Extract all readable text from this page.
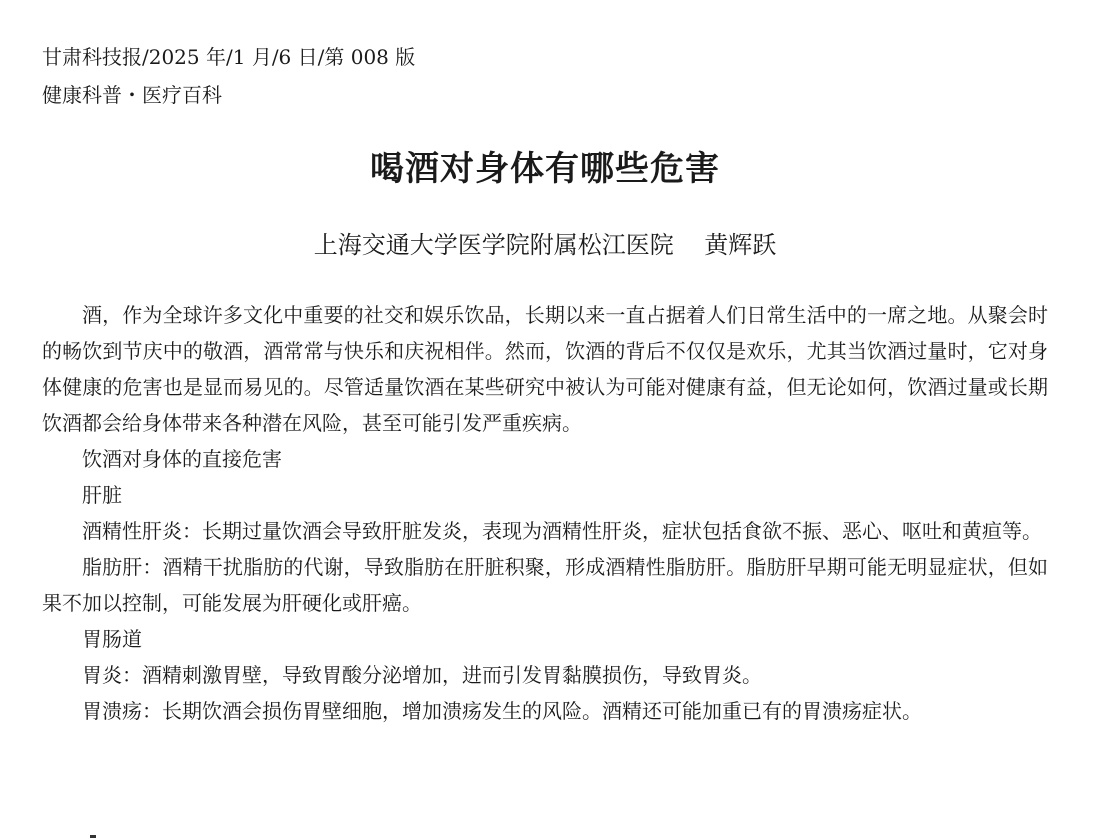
甘肃科技报/2025 年/1 月/6 日/第 008 版
健康科普・医疗百科
喝酒对身体有哪些危害
上海交通大学医学院附属松江医院    黄辉跃

酒，作为全球许多文化中重要的社交和娱乐饮品，长期以来一直占据着人们日常生活中的一席之地。从聚会时的畅饮到节庆中的敬酒，酒常常与快乐和庆祝相伴。然而，饮酒的背后不仅仅是欢乐，尤其当饮酒过量时，它对身体健康的危害也是显而易见的。尽管适量饮酒在某些研究中被认为可能对健康有益，但无论如何，饮酒过量或长期饮酒都会给身体带来各种潜在风险，甚至可能引发严重疾病。

饮酒对身体的直接危害

肝脏

酒精性肝炎：长期过量饮酒会导致肝脏发炎，表现为酒精性肝炎，症状包括食欲不振、恶心、呕吐和黄疸等。

脂肪肝：酒精干扰脂肪的代谢，导致脂肪在肝脏积聚，形成酒精性脂肪肝。脂肪肝早期可能无明显症状，但如果不加以控制，可能发展为肝硬化或肝癌。

胃肠道

胃炎：酒精刺激胃壁，导致胃酸分泌增加，进而引发胃黏膜损伤，导致胃炎。

胃溃疡：长期饮酒会损伤胃壁细胞，增加溃疡发生的风险。酒精还可能加重已有的胃溃疡症状。
